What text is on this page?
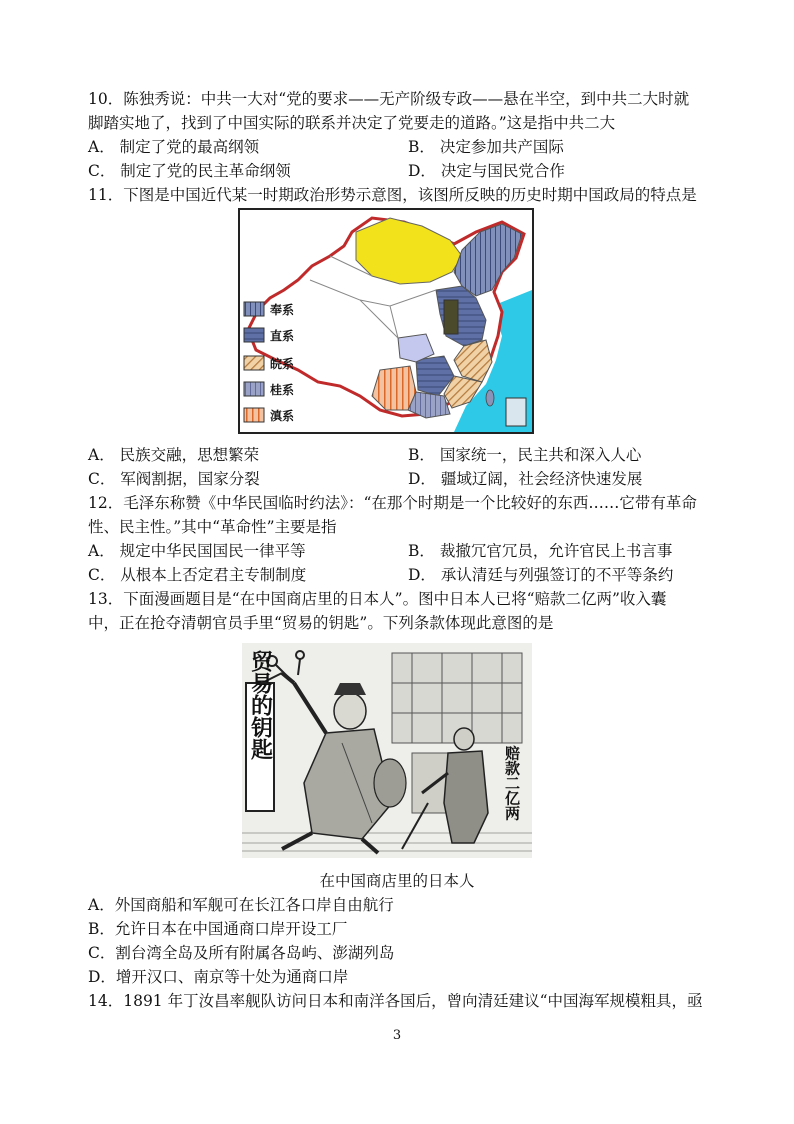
10．陈独秀说：中共一大对“党的要求——无产阶级专政——悬在半空，到中共二大时就
脚踏实地了，找到了中国实际的联系并决定了党要走的道路。”这是指中共二大
A． 制定了党的最高纲领	B． 决定参加共产国际
C． 制定了党的民主革命纲领	D． 决定与国民党合作
11．下图是中国近代某一时期政治形势示意图，该图所反映的历史时期中国政局的特点是
奉系
直系
皖系
桂系
滇系
A． 民族交融，思想繁荣	B． 国家统一，民主共和深入人心
C． 军阀割据，国家分裂	D． 疆域辽阔，社会经济快速发展
12．毛泽东称赞《中华民国临时约法》：“在那个时期是一个比较好的东西……它带有革命
性、民主性。”其中“革命性”主要是指
A． 规定中华民国国民一律平等	B． 裁撤冗官冗员，允许官民上书言事
C． 从根本上否定君主专制制度	D． 承认清廷与列强签订的不平等条约
13．下面漫画题目是“在中国商店里的日本人”。图中日本人已将“赔款二亿两”收入囊
中，正在抢夺清朝官员手里“贸易的钥匙”。下列条款体现此意图的是
贸易的钥匙
赔款二亿两
在中国商店里的日本人
A．外国商船和军舰可在长江各口岸自由航行
B．允许日本在中国通商口岸开设工厂
C．割台湾全岛及所有附属各岛屿、澎湖列岛
D．增开汉口、南京等十处为通商口岸
14．1891 年丁汝昌率舰队访问日本和南洋各国后，曾向清廷建议“中国海军规模粗具，亟
3
